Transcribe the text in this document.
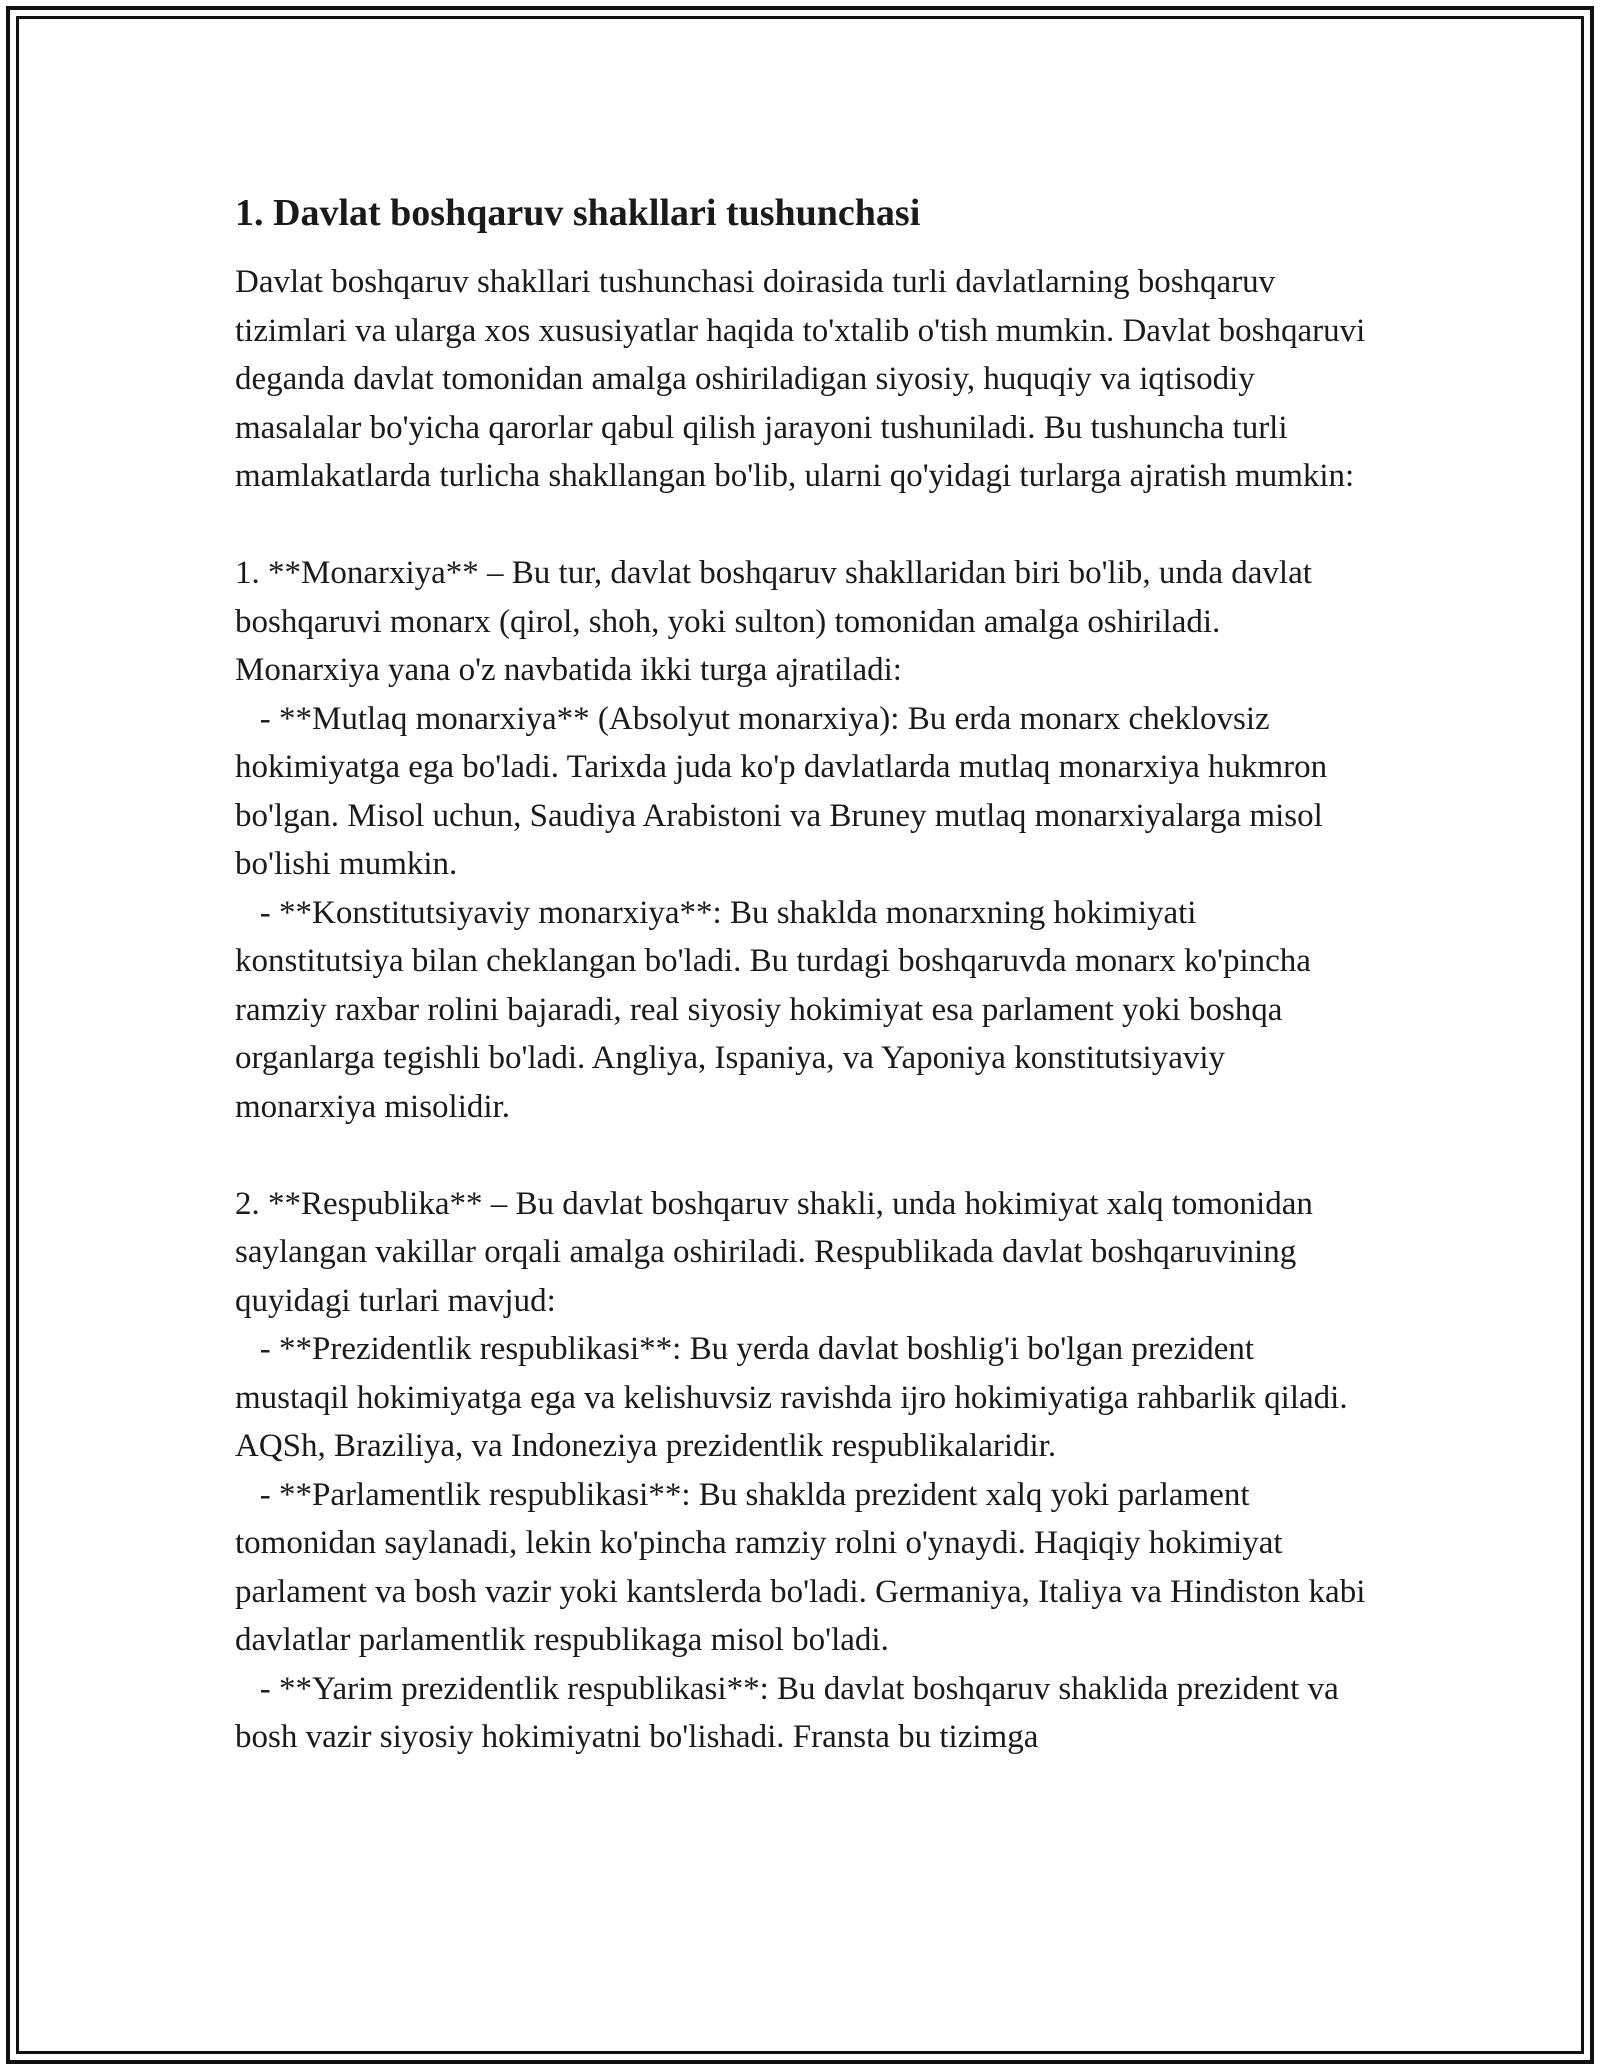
1. Davlat boshqaruv shakllari tushunchasi

Davlat boshqaruv shakllari tushunchasi doirasida turli davlatlarning boshqaruv tizimlari va ularga xos xususiyatlar haqida to'xtalib o'tish mumkin. Davlat boshqaruvi deganda davlat tomonidan amalga oshiriladigan siyosiy, huquqiy va iqtisodiy masalalar bo'yicha qarorlar qabul qilish jarayoni tushuniladi. Bu tushuncha turli mamlakatlarda turlicha shakllangan bo'lib, ularni qo'yidagi turlarga ajratish mumkin:

1. **Monarxiya** – Bu tur, davlat boshqaruv shakllaridan biri bo'lib, unda davlat boshqaruvi monarx (qirol, shoh, yoki sulton) tomonidan amalga oshiriladi. Monarxiya yana o'z navbatida ikki turga ajratiladi:

- **Mutlaq monarxiya** (Absolyut monarxiya): Bu erda monarx cheklovsiz hokimiyatga ega bo'ladi. Tarixda juda ko'p davlatlarda mutlaq monarxiya hukmron bo'lgan. Misol uchun, Saudiya Arabistoni va Bruney mutlaq monarxiyalarga misol bo'lishi mumkin.

- **Konstitutsiyaviy monarxiya**: Bu shaklda monarxning hokimiyati konstitutsiya bilan cheklangan bo'ladi. Bu turdagi boshqaruvda monarx ko'pincha ramziy raxbar rolini bajaradi, real siyosiy hokimiyat esa parlament yoki boshqa organlarga tegishli bo'ladi. Angliya, Ispaniya, va Yaponiya konstitutsiyaviy monarxiya misolidir.

2. **Respublika** – Bu davlat boshqaruv shakli, unda hokimiyat xalq tomonidan saylangan vakillar orqali amalga oshiriladi. Respublikada davlat boshqaruvining quyidagi turlari mavjud:

- **Prezidentlik respublikasi**: Bu yerda davlat boshlig'i bo'lgan prezident mustaqil hokimiyatga ega va kelishuvsiz ravishda ijro hokimiyatiga rahbarlik qiladi. AQSh, Braziliya, va Indoneziya prezidentlik respublikalaridir.

- **Parlamentlik respublikasi**: Bu shaklda prezident xalq yoki parlament tomonidan saylanadi, lekin ko'pincha ramziy rolni o'ynaydi. Haqiqiy hokimiyat parlament va bosh vazir yoki kantslerda bo'ladi. Germaniya, Italiya va Hindiston kabi davlatlar parlamentlik respublikaga misol bo'ladi.

- **Yarim prezidentlik respublikasi**: Bu davlat boshqaruv shaklida prezident va bosh vazir siyosiy hokimiyatni bo'lishadi. Fransta bu tizimga
